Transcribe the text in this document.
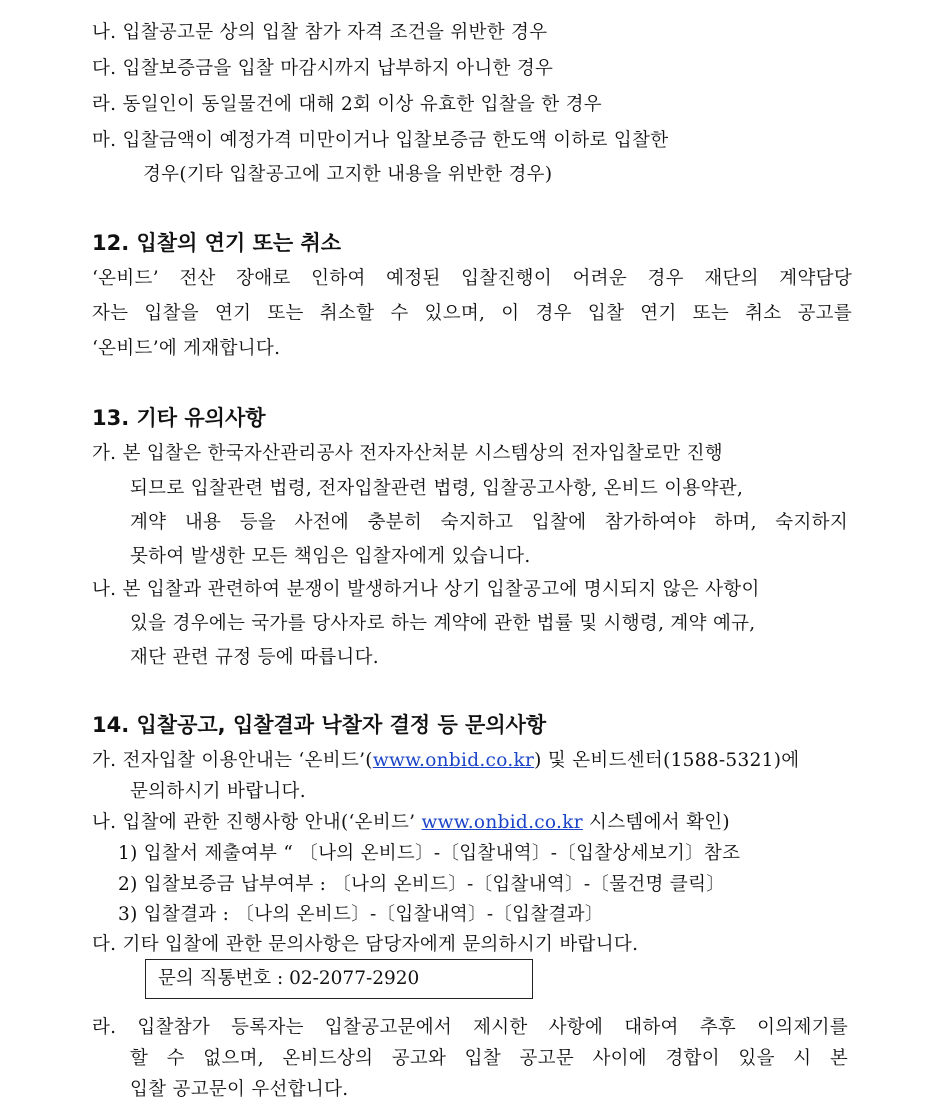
나. 입찰공고문 상의 입찰 참가 자격 조건을 위반한 경우
다. 입찰보증금을 입찰 마감시까지 납부하지 아니한 경우
라. 동일인이 동일물건에 대해 2회 이상 유효한 입찰을 한 경우
마. 입찰금액이 예정가격 미만이거나 입찰보증금 한도액 이하로 입찰한
경우(기타 입찰공고에 고지한 내용을 위반한 경우)
12. 입찰의 연기 또는 취소
‘온비드’ 전산 장애로 인하여 예정된 입찰진행이 어려운 경우 재단의 계약담당
자는 입찰을 연기 또는 취소할 수 있으며, 이 경우 입찰 연기 또는 취소 공고를
‘온비드’에 게재합니다.
13. 기타 유의사항
가. 본 입찰은 한국자산관리공사 전자자산처분 시스템상의 전자입찰로만 진행
되므로 입찰관련 법령, 전자입찰관련 법령, 입찰공고사항, 온비드 이용약관,
계약 내용 등을 사전에 충분히 숙지하고 입찰에 참가하여야 하며, 숙지하지
못하여 발생한 모든 책임은 입찰자에게 있습니다.
나. 본 입찰과 관련하여 분쟁이 발생하거나 상기 입찰공고에 명시되지 않은 사항이
있을 경우에는 국가를 당사자로 하는 계약에 관한 법률 및 시행령, 계약 예규,
재단 관련 규정 등에 따릅니다.
14. 입찰공고, 입찰결과 낙찰자 결정 등 문의사항
가. 전자입찰 이용안내는 ‘온비드’(www.onbid.co.kr) 및 온비드센터(1588-5321)에
문의하시기 바랍니다.
나. 입찰에 관한 진행사항 안내(‘온비드’ www.onbid.co.kr 시스템에서 확인)
1) 입찰서 제출여부 “ 〔나의 온비드〕-〔입찰내역〕-〔입찰상세보기〕참조
2) 입찰보증금 납부여부 : 〔나의 온비드〕-〔입찰내역〕-〔물건명 클릭〕
3) 입찰결과 : 〔나의 온비드〕-〔입찰내역〕-〔입찰결과〕
다. 기타 입찰에 관한 문의사항은 담당자에게 문의하시기 바랍니다.
문의 직통번호 : 02-2077-2920
라. 입찰참가 등록자는 입찰공고문에서 제시한 사항에 대하여 추후 이의제기를
할 수 없으며, 온비드상의 공고와 입찰 공고문 사이에 경합이 있을 시 본
입찰 공고문이 우선합니다.
